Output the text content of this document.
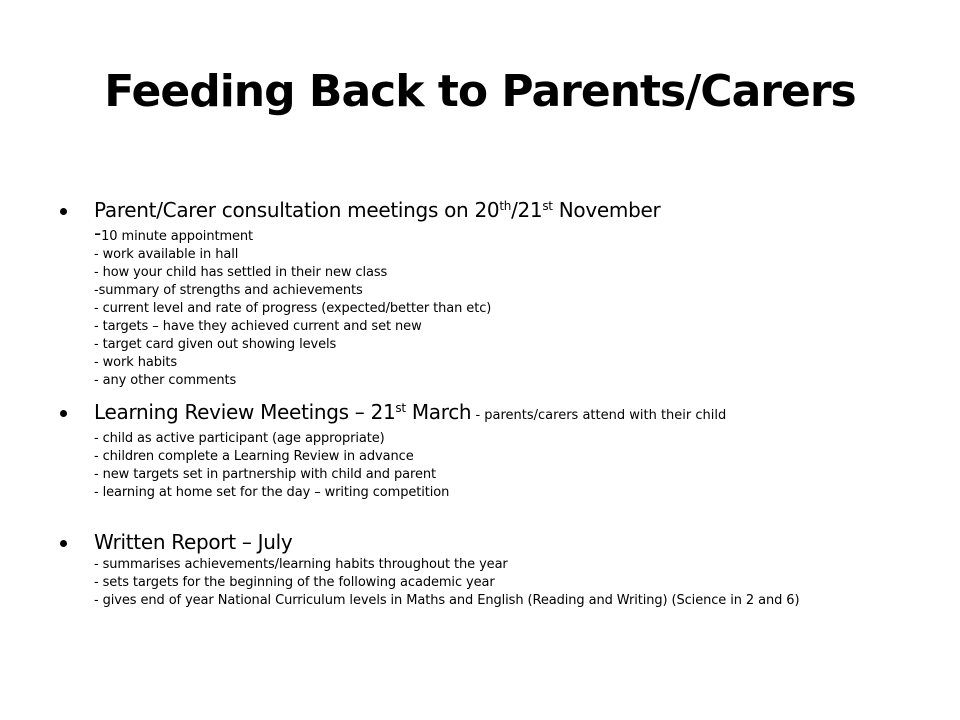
Feeding Back to Parents/Carers
Parent/Carer consultation meetings on 20th/21st November
-10 minute appointment
- work available in hall
- how your child has settled in their new class
-summary of strengths and achievements
- current level and rate of progress (expected/better than etc)
- targets – have they achieved current and set new
- target card given out showing levels
- work habits
- any other comments
Learning Review Meetings – 21st March - parents/carers attend with their child
- child as active participant (age appropriate)
- children complete a Learning Review in advance
- new targets set in partnership with child and parent
- learning at home set for the day – writing competition
Written Report – July
- summarises achievements/learning habits throughout the year
- sets targets for the beginning of the following academic year
- gives end of year National Curriculum levels in Maths and English (Reading and Writing) (Science in 2 and 6)
